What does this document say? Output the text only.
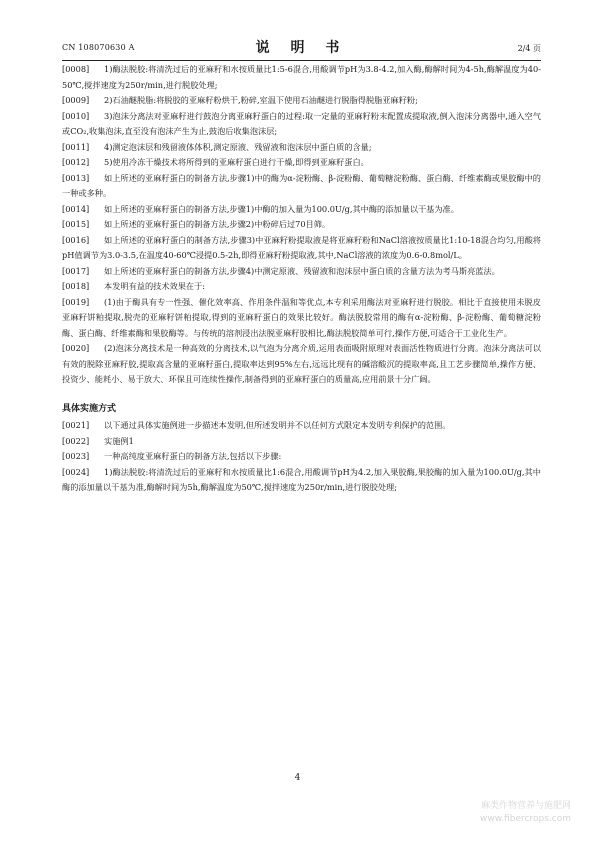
CN 108070630 A	说 明 书	2/4 页
[0008] 1)酶法脱胶:将清洗过后的亚麻籽和水按质量比1:5-6混合,用酸调节pH为3.8-4.2,加入酶,酶解时间为4-5h,酶解温度为40-50℃,搅拌速度为250r/min,进行脱胶处理;
[0009] 2)石油醚脱脂:将脱胶的亚麻籽粉烘干,粉碎,室温下使用石油醚进行脱脂得脱脂亚麻籽粉;
[0010] 3)泡沫分离法对亚麻籽进行鼓泡分离亚麻籽蛋白的过程:取一定量的亚麻籽粉末配置成提取液,倒入泡沫分离器中,通入空气或CO₂,收集泡沫,直至没有泡沫产生为止,鼓泡后收集泡沫层;
[0011] 4)测定泡沫层和残留液体体积,测定原液、残留液和泡沫层中蛋白质的含量;
[0012] 5)使用冷冻干燥技术将所得到的亚麻籽蛋白进行干燥,即得到亚麻籽蛋白。
[0013] 如上所述的亚麻籽蛋白的制备方法,步骤1)中的酶为α-淀粉酶、β-淀粉酶、葡萄糖淀粉酶、蛋白酶、纤维素酶或果胶酶中的一种或多种。
[0014] 如上所述的亚麻籽蛋白的制备方法,步骤1)中酶的加入量为100.0U/g,其中酶的添加量以干基为准。
[0015] 如上所述的亚麻籽蛋白的制备方法,步骤2)中粉碎后过70目筛。
[0016] 如上所述的亚麻籽蛋白的制备方法,步骤3)中亚麻籽粉提取液是将亚麻籽粉和NaCl溶液按质量比1:10-18混合均匀,用酸将pH值调节为3.0-3.5,在温度40-60℃浸提0.5-2h,即得亚麻籽粉提取液,其中,NaCl溶液的浓度为0.6-0.8mol/L。
[0017] 如上所述的亚麻籽蛋白的制备方法,步骤4)中测定原液、残留液和泡沫层中蛋白质的含量方法为考马斯亮蓝法。
[0018] 本发明有益的技术效果在于:
[0019] (1)由于酶具有专一性强、催化效率高、作用条件温和等优点,本专利采用酶法对亚麻籽进行脱胶。相比于直接使用未脱皮亚麻籽饼粕提取,脱壳的亚麻籽饼粕提取,得到的亚麻籽蛋白的效果比较好。酶法脱胶常用的酶有α-淀粉酶、β-淀粉酶、葡萄糖淀粉酶、蛋白酶、纤维素酶和果胶酶等。与传统的溶剂浸出法脱亚麻籽胶相比,酶法脱胶简单可行,操作方便,可适合于工业化生产。
[0020] (2)泡沫分离技术是一种高效的分离技术,以气泡为分离介质,运用表面吸附原理对表面活性物质进行分离。泡沫分离法可以有效的脱除亚麻籽胶,提取高含量的亚麻籽蛋白,提取率达到95%左右,远远比现有的碱溶酸沉的提取率高,且工艺步骤简单,操作方便、投资少、能耗小、易于放大、环保且可连续性操作,制备得到的亚麻籽蛋白的质量高,应用前景十分广阔。
具体实施方式
[0021] 以下通过具体实施例进一步描述本发明,但所述发明并不以任何方式限定本发明专利保护的范围。
[0022] 实施例1
[0023] 一种高纯度亚麻籽蛋白的制备方法,包括以下步骤:
[0024] 1)酶法脱胶:将清洗过后的亚麻籽和水按质量比1:6混合,用酸调节pH为4.2,加入果胶酶,果胶酶的加入量为100.0U/g,其中酶的添加量以干基为准,酶解时间为5h,酶解温度为50℃,搅拌速度为250r/min,进行脱胶处理;
4
麻类作物营养与施肥网
www.fibercrops.com
